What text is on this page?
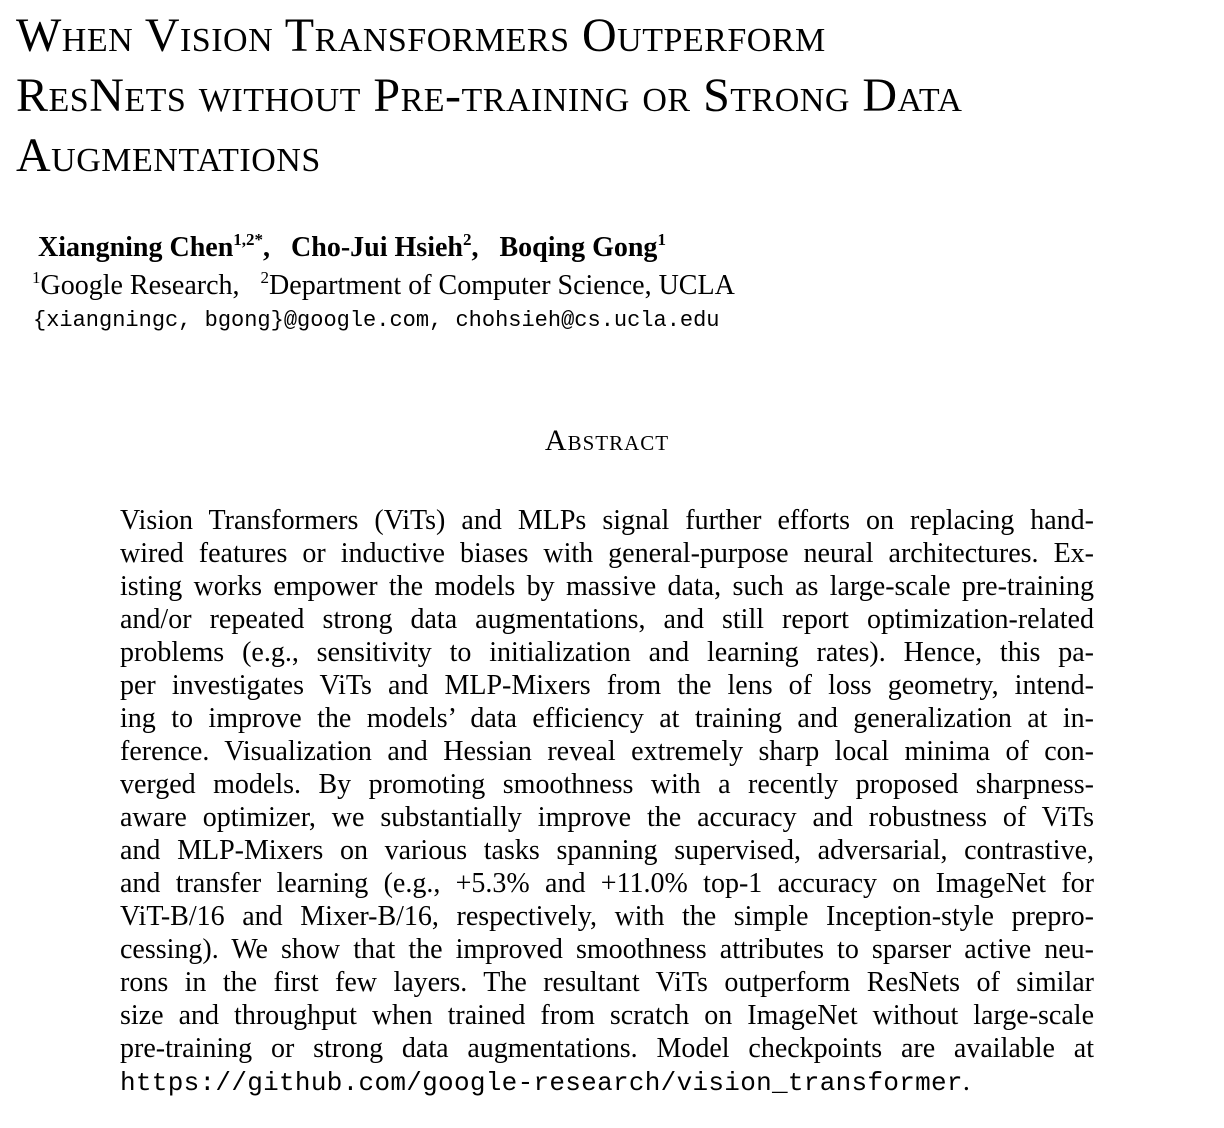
When Vision Transformers Outperform
ResNets without Pre-training or Strong Data
Augmentations
Xiangning Chen$^{1,2*}$, Cho-Jui Hsieh$^2$, Boqing Gong$^1$
$^1$Google Research, $^2$Department of Computer Science, UCLA
{xiangningc, bgong}@google.com, chohsieh@cs.ucla.edu
Abstract
Vision Transformers (ViTs) and MLPs signal further efforts on replacing hand-
wired features or inductive biases with general-purpose neural architectures. Ex-
isting works empower the models by massive data, such as large-scale pre-training
and/or repeated strong data augmentations, and still report optimization-related
problems (e.g., sensitivity to initialization and learning rates). Hence, this pa-
per investigates ViTs and MLP-Mixers from the lens of loss geometry, intend-
ing to improve the models’ data efficiency at training and generalization at in-
ference. Visualization and Hessian reveal extremely sharp local minima of con-
verged models. By promoting smoothness with a recently proposed sharpness-
aware optimizer, we substantially improve the accuracy and robustness of ViTs
and MLP-Mixers on various tasks spanning supervised, adversarial, contrastive,
and transfer learning (e.g., +5.3% and +11.0% top-1 accuracy on ImageNet for
ViT-B/16 and Mixer-B/16, respectively, with the simple Inception-style prepro-
cessing). We show that the improved smoothness attributes to sparser active neu-
rons in the first few layers. The resultant ViTs outperform ResNets of similar
size and throughput when trained from scratch on ImageNet without large-scale
pre-training or strong data augmentations. Model checkpoints are available at
https://github.com/google-research/vision_transformer.
